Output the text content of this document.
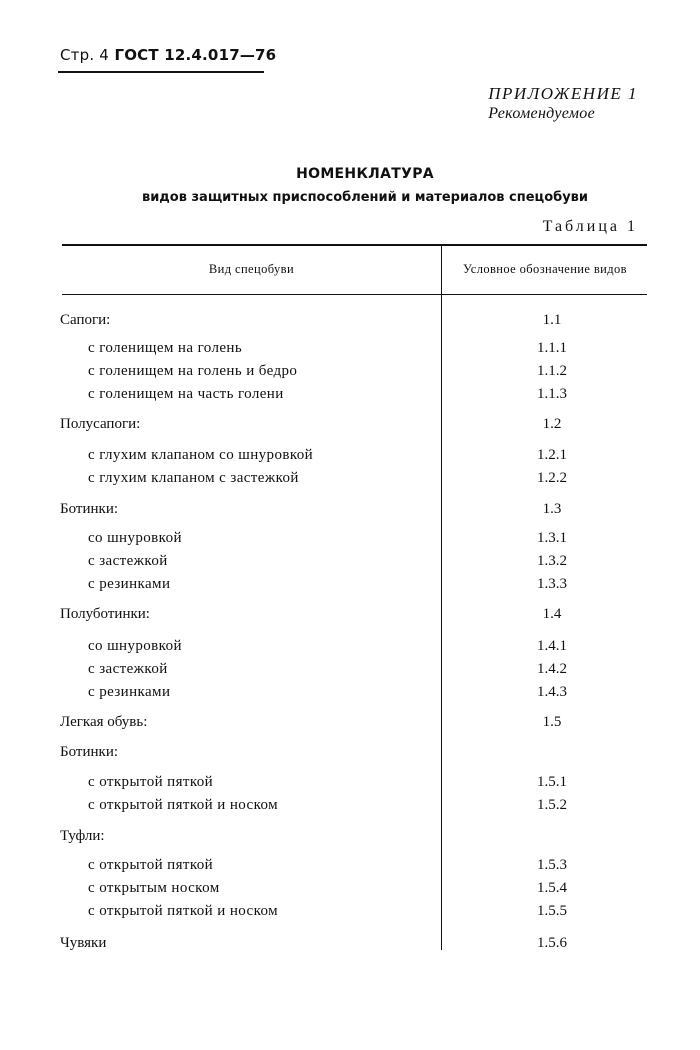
Стр. 4 ГОСТ 12.4.017—76
ПРИЛОЖЕНИЕ 1
Рекомендуемое
НОМЕНКЛАТУРА
видов защитных приспособлений и материалов спецобуви
Таблица 1
Вид спецобуви	Условное обозначение видов
Сапоги:	1.1
с голенищем на голень	1.1.1
с голенищем на голень и бедро	1.1.2
с голенищем на часть голени	1.1.3
Полусапоги:	1.2
с глухим клапаном со шнуровкой	1.2.1
с глухим клапаном с застежкой	1.2.2
Ботинки:	1.3
со шнуровкой	1.3.1
с застежкой	1.3.2
с резинками	1.3.3
Полуботинки:	1.4
со шнуровкой	1.4.1
с застежкой	1.4.2
с резинками	1.4.3
Легкая обувь:	1.5
Ботинки:
с открытой пяткой	1.5.1
с открытой пяткой и носком	1.5.2
Туфли:
с открытой пяткой	1.5.3
с открытым носком	1.5.4
с открытой пяткой и носком	1.5.5
Чувяки	1.5.6
